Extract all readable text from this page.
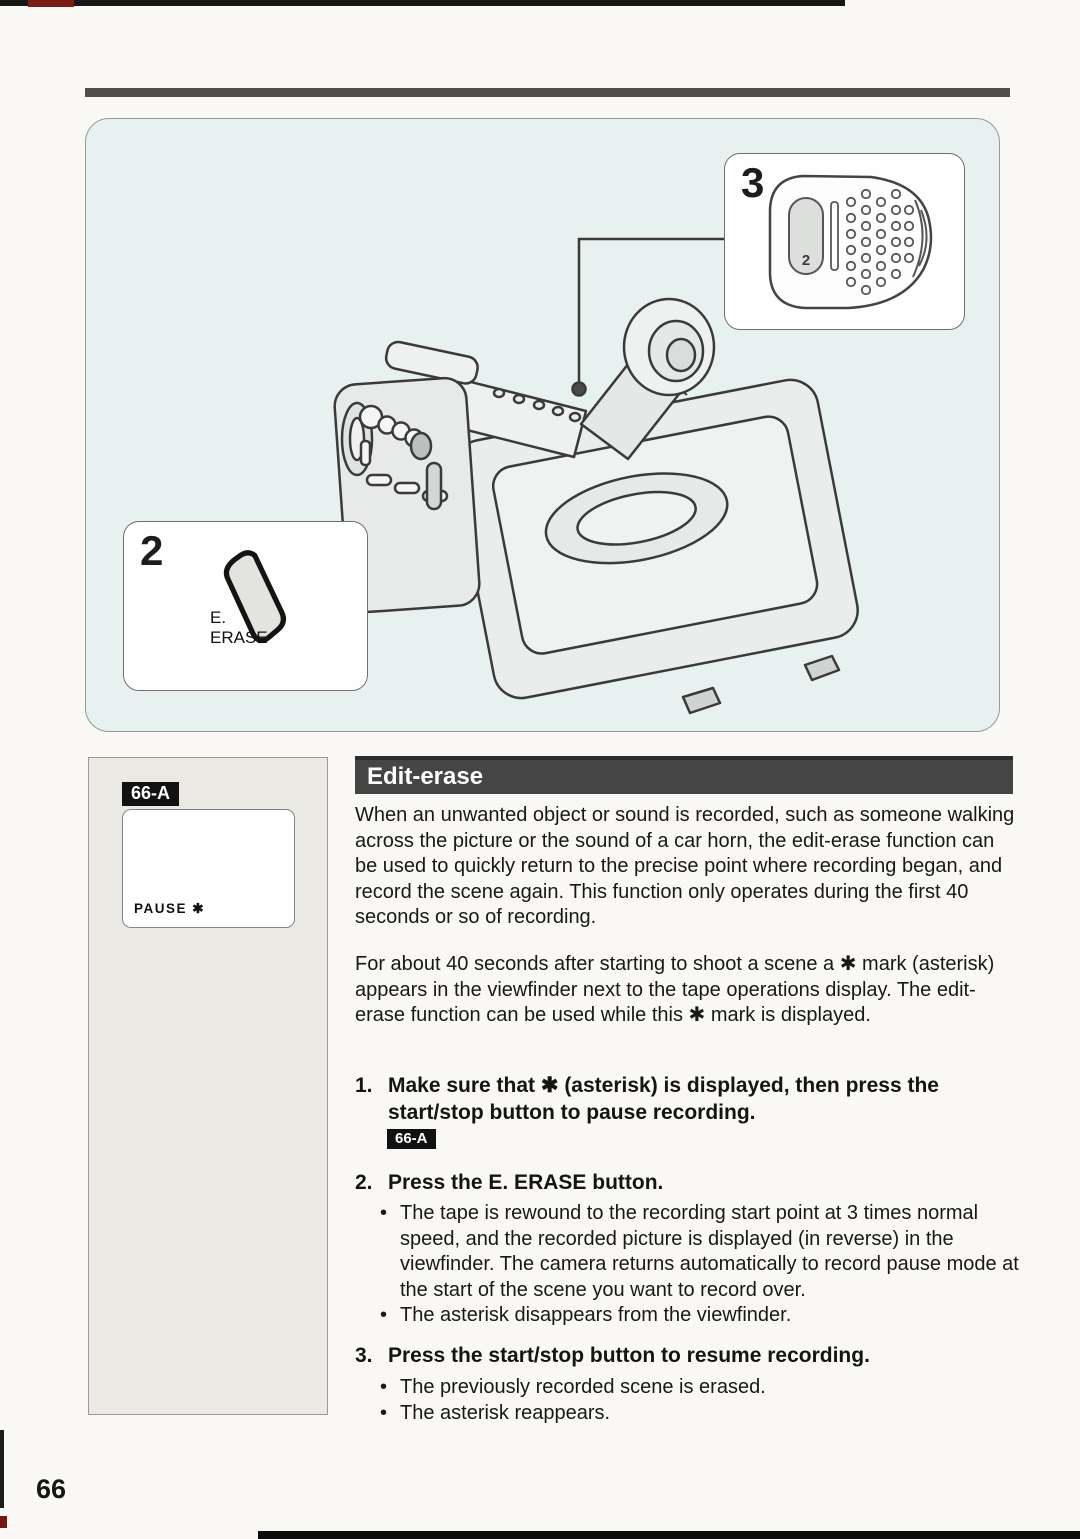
3
2
2
E.
ERASE
66-A
PAUSE ✱
Edit-erase
When an unwanted object or sound is recorded, such as someone walking across the picture or the sound of a car horn, the edit-erase function can be used to quickly return to the precise point where recording began, and record the scene again. This function only operates during the first 40 seconds or so of recording.
For about 40 seconds after starting to shoot a scene a ✱ mark (asterisk) appears in the viewfinder next to the tape operations display. The edit-erase function can be used while this ✱ mark is displayed.
1. Make sure that ✱ (asterisk) is displayed, then press the start/stop button to pause recording.
66-A
2. Press the E. ERASE button.
• The tape is rewound to the recording start point at 3 times normal speed, and the recorded picture is displayed (in reverse) in the viewfinder. The camera returns automatically to record pause mode at the start of the scene you want to record over.
• The asterisk disappears from the viewfinder.
3. Press the start/stop button to resume recording.
• The previously recorded scene is erased.
• The asterisk reappears.
66
